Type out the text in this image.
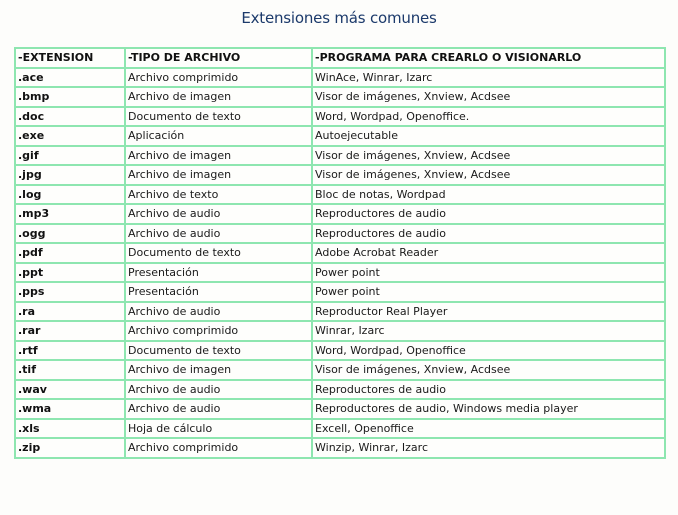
Extensiones más comunes
-EXTENSION	-TIPO DE ARCHIVO	-PROGRAMA PARA CREARLO O VISIONARLO
.ace	Archivo comprimido	WinAce, Winrar, Izarc
.bmp	Archivo de imagen	Visor de imágenes, Xnview, Acdsee
.doc	Documento de texto	Word, Wordpad, Openoffice.
.exe	Aplicación	Autoejecutable
.gif	Archivo de imagen	Visor de imágenes, Xnview, Acdsee
.jpg	Archivo de imagen	Visor de imágenes, Xnview, Acdsee
.log	Archivo de texto	Bloc de notas, Wordpad
.mp3	Archivo de audio	Reproductores de audio
.ogg	Archivo de audio	Reproductores de audio
.pdf	Documento de texto	Adobe Acrobat Reader
.ppt	Presentación	Power point
.pps	Presentación	Power point
.ra	Archivo de audio	Reproductor Real Player
.rar	Archivo comprimido	Winrar, Izarc
.rtf	Documento de texto	Word, Wordpad, Openoffice
.tif	Archivo de imagen	Visor de imágenes, Xnview, Acdsee
.wav	Archivo de audio	Reproductores de audio
.wma	Archivo de audio	Reproductores de audio, Windows media player
.xls	Hoja de cálculo	Excell, Openoffice
.zip	Archivo comprimido	Winzip, Winrar, Izarc
